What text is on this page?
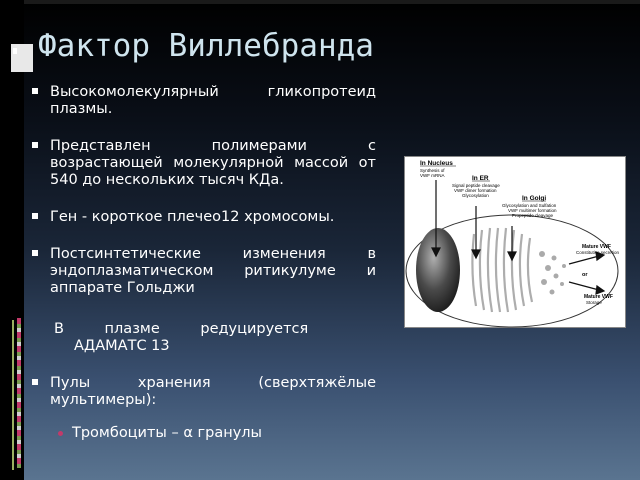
Фактор Виллебранда

Высокомолекулярный гликопротеид плазмы.

Представлен полимерами с возрастающей молекулярной массой от 540 до нескольких тысяч КДа.

Ген - короткое плечео12 хромосомы.

Постсинтетические изменения в эндоплазматическом ритикулуме и аппарате Гольджи

В плазме редуцируется
АДАМАТС 13

Пулы хранения (сверхтяжёлые мультимеры):

Тромбоциты – α гранулы
In Nucleus
Synthesis of
VWF mRNA	In ER
Signal peptide cleavage
VWF dimer formation
Glycosylation	In Golgi
Glycosylation and Sulfation
VWF multimer formation
Propeptide cleavage
Mature VWF
Constitutive secretion
or
Mature VWF
Storage
